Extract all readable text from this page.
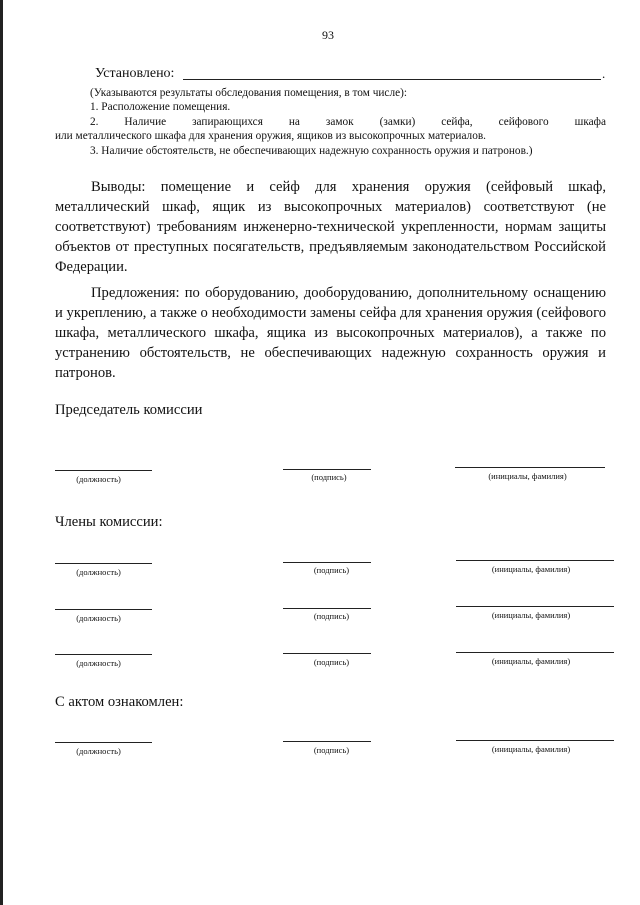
93
Установлено:	.
(Указываются результаты обследования помещения, в том числе):
1. Расположение помещения.
2. Наличие запирающихся на замок (замки) сейфа, сейфового шкафа
или металлического шкафа для хранения оружия, ящиков из высокопрочных материалов.
3. Наличие обстоятельств, не обеспечивающих надежную сохранность оружия и патронов.)
Выводы: помещение и сейф для хранения оружия (сейфовый шкаф, металлический шкаф, ящик из высокопрочных материалов) соответствуют (не соответствуют) требованиям инженерно-технической укрепленности, нормам защиты объектов от преступных посягательств, предъявляемым законодательством Российской Федерации.
Предложения: по оборудованию, дооборудованию, дополнительному оснащению и укреплению, а также о необходимости замены сейфа для хранения оружия (сейфового шкафа, металлического шкафа, ящика из высокопрочных материалов), а также по устранению обстоятельств, не обеспечивающих надежную сохранность оружия и патронов.
Председатель комиссии
(должность)	(подпись)	(инициалы, фамилия)
Члены комиссии:
(должность)	(подпись)	(инициалы, фамилия)
(должность)	(подпись)	(инициалы, фамилия)
(должность)	(подпись)	(инициалы, фамилия)
С актом ознакомлен:
(должность)	(подпись)	(инициалы, фамилия)
